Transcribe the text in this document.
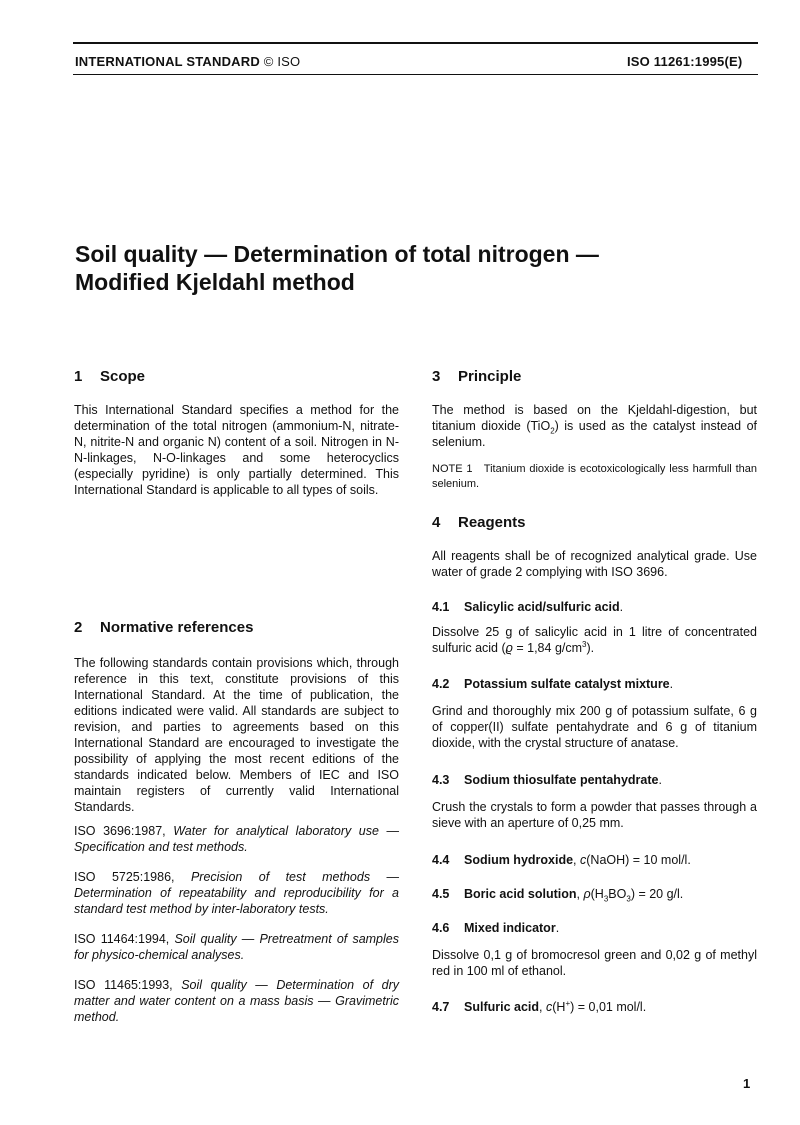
INTERNATIONAL STANDARD © ISO	ISO 11261:1995(E)
Soil quality — Determination of total nitrogen —
Modified Kjeldahl method

1 Scope

This International Standard specifies a method for the determination of the total nitrogen (ammonium-N, nitrate-N, nitrite-N and organic N) content of a soil. Nitrogen in N-N-linkages, N-O-linkages and some heterocyclics (especially pyridine) is only partially determined. This International Standard is applicable to all types of soils.

2 Normative references

The following standards contain provisions which, through reference in this text, constitute provisions of this International Standard. At the time of publication, the editions indicated were valid. All standards are subject to revision, and parties to agreements based on this International Standard are encouraged to investigate the possibility of applying the most recent editions of the standards indicated below. Members of IEC and ISO maintain registers of currently valid International Standards.

ISO 3696:1987, Water for analytical laboratory use — Specification and test methods.

ISO 5725:1986, Precision of test methods — Determination of repeatability and reproducibility for a standard test method by inter-laboratory tests.

ISO 11464:1994, Soil quality — Pretreatment of samples for physico-chemical analyses.

ISO 11465:1993, Soil quality — Determination of dry matter and water content on a mass basis — Gravimetric method.

3 Principle

The method is based on the Kjeldahl-digestion, but titanium dioxide (TiO$_2$) is used as the catalyst instead of selenium.

NOTE 1 Titanium dioxide is ecotoxicologically less harmfull than selenium.

4 Reagents

All reagents shall be of recognized analytical grade. Use water of grade 2 complying with ISO 3696.

4.1 Salicylic acid/sulfuric acid.

Dissolve 25 g of salicylic acid in 1 litre of concentrated sulfuric acid (ϱ = 1,84 $g/cm^3$).

4.2 Potassium sulfate catalyst mixture.

Grind and thoroughly mix 200 g of potassium sulfate, 6 g of copper(II) sulfate pentahydrate and 6 g of titanium dioxide, with the crystal structure of anatase.

4.3 Sodium thiosulfate pentahydrate.

Crush the crystals to form a powder that passes through a sieve with an aperture of 0,25 mm.

4.4 Sodium hydroxide, c(NaOH) = 10 mol/l.

4.5 Boric acid solution, $\rho(H_3BO_3) = 20$ g/l.

4.6 Mixed indicator.

Dissolve 0,1 g of bromocresol green and 0,02 g of methyl red in 100 ml of ethanol.

4.7 Sulfuric acid, c(H+) = 0,01 mol/l.

1
